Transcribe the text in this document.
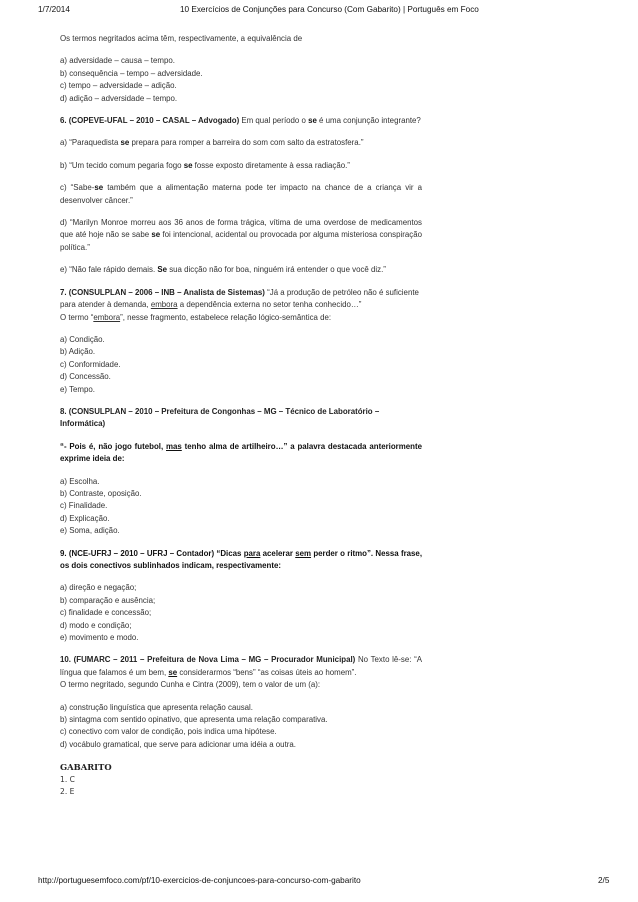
1/7/2014	10 Exercícios de Conjunções para Concurso (Com Gabarito) | Português em Foco

Os termos negritados acima têm, respectivamente, a equivalência de

a) adversidade – causa – tempo.

b) consequência – tempo – adversidade.

c) tempo – adversidade – adição.

d) adição – adversidade – tempo.

6. (COPEVE-UFAL – 2010 – CASAL – Advogado) Em qual período o se é uma conjunção integrante?

a) “Paraquedista se prepara para romper a barreira do som com salto da estratosfera.”

b) “Um tecido comum pegaria fogo se fosse exposto diretamente à essa radiação.”

c) “Sabe-se também que a alimentação materna pode ter impacto na chance de a criança vir a desenvolver câncer.”

d) “Marilyn Monroe morreu aos 36 anos de forma trágica, vítima de uma overdose de medicamentos que até hoje não se sabe se foi intencional, acidental ou provocada por alguma misteriosa conspiração política.”

e) “Não fale rápido demais. Se sua dicção não for boa, ninguém irá entender o que você diz.”

7. (CONSULPLAN – 2006 – INB – Analista de Sistemas) “Já a produção de petróleo não é suficiente para atender à demanda, embora a dependência externa no setor tenha conhecido…”

O termo “embora”, nesse fragmento, estabelece relação lógico-semântica de:

a) Condição.

b) Adição.

c) Conformidade.

d) Concessão.

e) Tempo.

8. (CONSULPLAN – 2010 – Prefeitura de Congonhas – MG – Técnico de Laboratório – Informática)

“- Pois é, não jogo futebol, mas tenho alma de artilheiro…” a palavra destacada anteriormente exprime ideia de:

a) Escolha.

b) Contraste, oposição.

c) Finalidade.

d) Explicação.

e) Soma, adição.

9. (NCE-UFRJ – 2010 – UFRJ – Contador) “Dicas para acelerar sem perder o ritmo”. Nessa frase, os dois conectivos sublinhados indicam, respectivamente:

a) direção e negação;

b) comparação e ausência;

c) finalidade e concessão;

d) modo e condição;

e) movimento e modo.

10. (FUMARC – 2011 – Prefeitura de Nova Lima – MG – Procurador Municipal) No Texto lê-se: “A língua que falamos é um bem, se considerarmos “bens” “as coisas úteis ao homem”.

O termo negritado, segundo Cunha e Cintra (2009), tem o valor de um (a):

a) construção linguística que apresenta relação causal.

b) sintagma com sentido opinativo, que apresenta uma relação comparativa.

c) conectivo com valor de condição, pois indica uma hipótese.

d) vocábulo gramatical, que serve para adicionar uma idéia a outra.

GABARITO

1. C

2. E

http://portuguesemfoco.com/pf/10-exercicios-de-conjuncoes-para-concurso-com-gabarito	2/5
